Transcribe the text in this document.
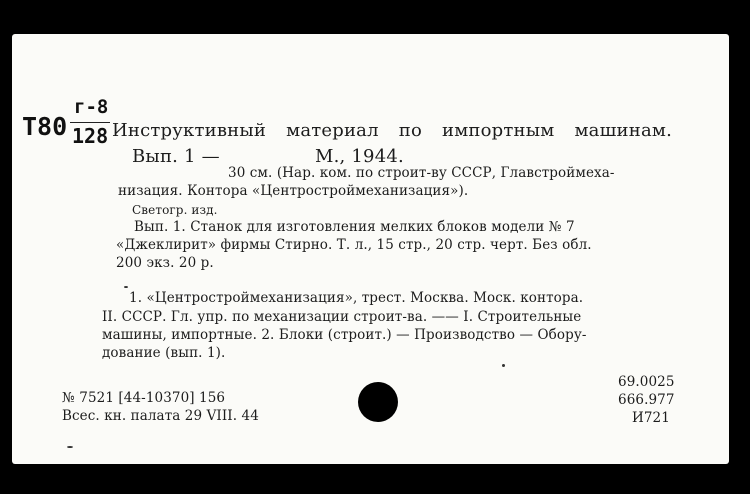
Т80
г-8
128 Инструктивный материал по импортным машинам.
Вып. 1 —	М., 1944.
30 см. (Нар. ком. по строит-ву СССР, Главстроймеха-
низация. Контора «Центростроймеханизация»).
Светогр. изд.
Вып. 1. Станок для изготовления мелких блоков модели № 7
«Джеклирит» фирмы Стирно. Т. л., 15 стр., 20 стр. черт. Без обл.
200 экз. 20 р.
1. «Центростроймеханизация», трест. Москва. Моск. контора.
II. СССР. Гл. упр. по механизации строит-ва. —— I. Строительные
машины, импортные. 2. Блоки (строит.) — Производство — Обору-
дование (вып. 1).
№ 7521 [44-10370] 156
Всес. кн. палата 29 VIII. 44
69.0025
666.977
И721
